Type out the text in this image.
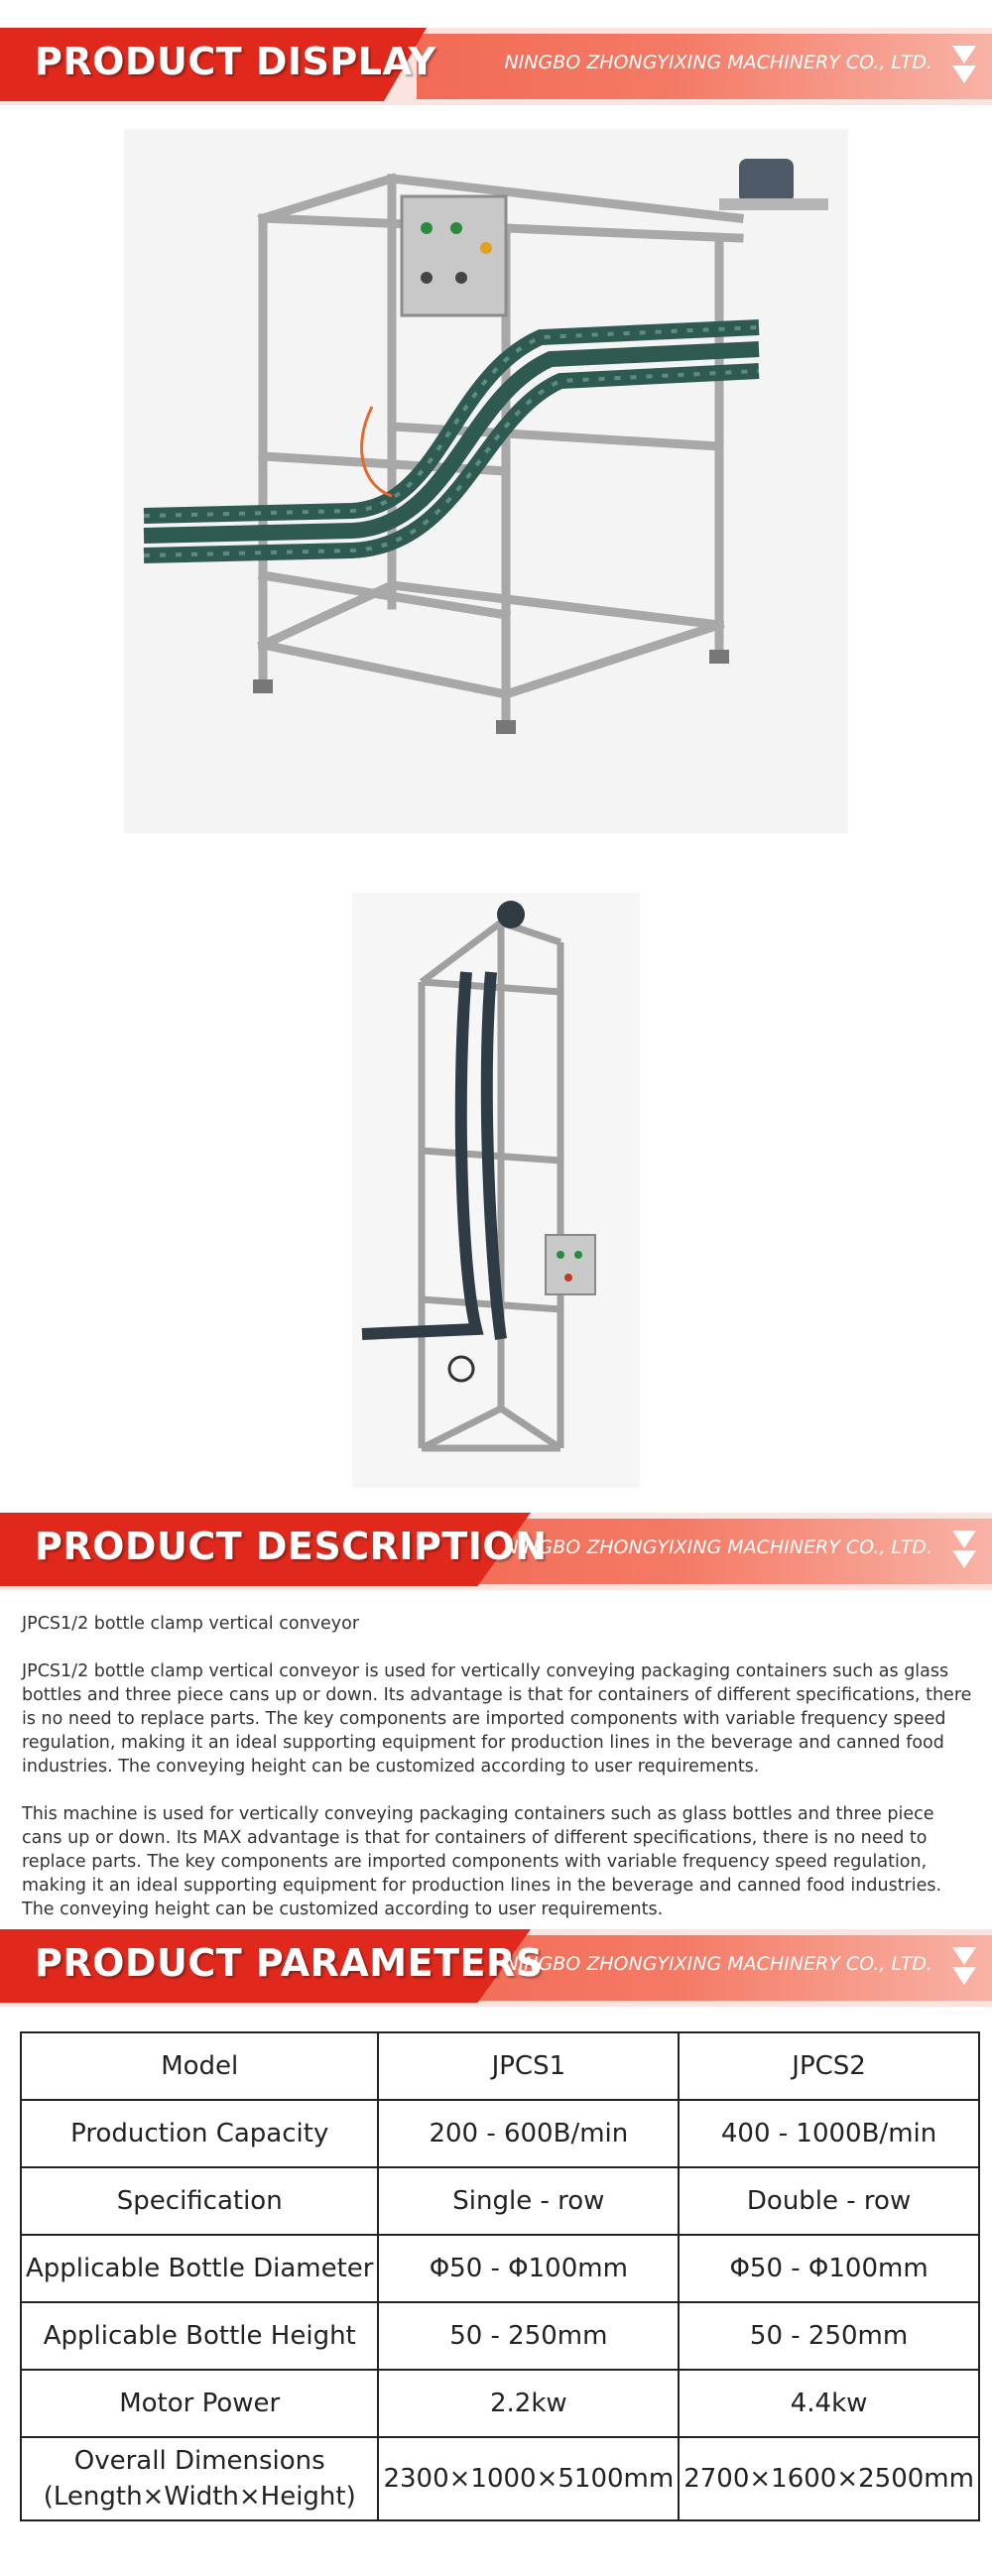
PRODUCT DISPLAY	NINGBO ZHONGYIXING MACHINERY CO., LTD.
PRODUCT DESCRIPTION
NINGBO ZHONGYIXING MACHINERY CO., LTD.

JPCS1/2 bottle clamp vertical conveyor

JPCS1/2 bottle clamp vertical conveyor is used for vertically conveying packaging containers such as glass bottles and three piece cans up or down. Its advantage is that for containers of different specifications, there is no need to replace parts. The key components are imported components with variable frequency speed regulation, making it an ideal supporting equipment for production lines in the beverage and canned food industries. The conveying height can be customized according to user requirements.

This machine is used for vertically conveying packaging containers such as glass bottles and three piece cans up or down. Its MAX advantage is that for containers of different specifications, there is no need to replace parts. The key components are imported components with variable frequency speed regulation, making it an ideal supporting equipment for production lines in the beverage and canned food industries. The conveying height can be customized according to user requirements.

PRODUCT PARAMETERS
NINGBO ZHONGYIXING MACHINERY CO., LTD.
Model	JPCS1	JPCS2
Production Capacity	200 - 600B/min	400 - 1000B/min
Specification	Single - row	Double - row
Applicable Bottle Diameter	Φ50 - Φ100mm	Φ50 - Φ100mm
Applicable Bottle Height	50 - 250mm	50 - 250mm
Motor Power	2.2kw	4.4kw

Overall Dimensions
(Length×Width×Height)	2300×1000×5100mm	2700×1600×2500mm
